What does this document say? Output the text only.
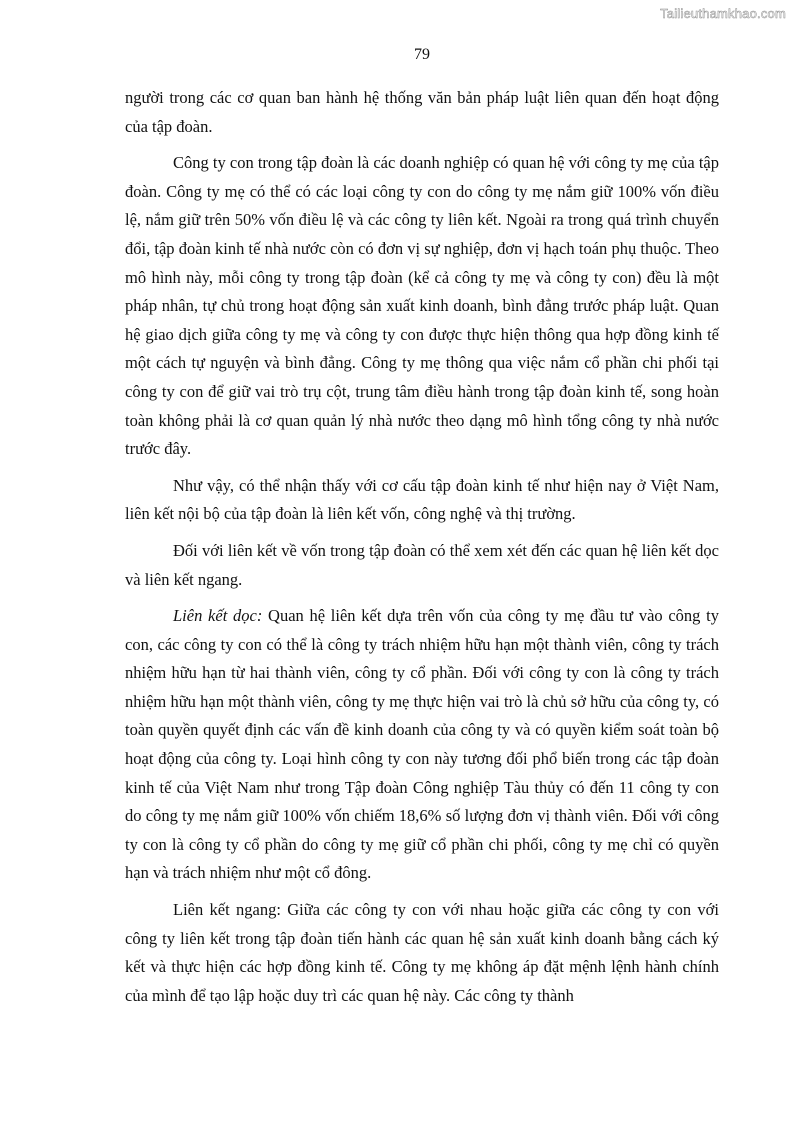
Tailieuthamkhao.com
79

người trong các cơ quan ban hành hệ thống văn bản pháp luật liên quan đến hoạt động của tập đoàn.

Công ty con trong tập đoàn là các doanh nghiệp có quan hệ với công ty mẹ của tập đoàn. Công ty mẹ có thể có các loại công ty con do công ty mẹ nắm giữ 100% vốn điều lệ, nắm giữ trên 50% vốn điều lệ và các công ty liên kết. Ngoài ra trong quá trình chuyển đổi, tập đoàn kinh tế nhà nước còn có đơn vị sự nghiệp, đơn vị hạch toán phụ thuộc. Theo mô hình này, mỗi công ty trong tập đoàn (kể cả công ty mẹ và công ty con) đều là một pháp nhân, tự chủ trong hoạt động sản xuất kinh doanh, bình đẳng trước pháp luật. Quan hệ giao dịch giữa công ty mẹ và công ty con được thực hiện thông qua hợp đồng kinh tế một cách tự nguyện và bình đẳng. Công ty mẹ thông qua việc nắm cổ phần chi phối tại công ty con để giữ vai trò trụ cột, trung tâm điều hành trong tập đoàn kinh tế, song hoàn toàn không phải là cơ quan quản lý nhà nước theo dạng mô hình tổng công ty nhà nước trước đây.

Như vậy, có thể nhận thấy với cơ cấu tập đoàn kinh tế như hiện nay ở Việt Nam, liên kết nội bộ của tập đoàn là liên kết vốn, công nghệ và thị trường.

Đối với liên kết về vốn trong tập đoàn có thể xem xét đến các quan hệ liên kết dọc và liên kết ngang.

Liên kết dọc: Quan hệ liên kết dựa trên vốn của công ty mẹ đầu tư vào công ty con, các công ty con có thể là công ty trách nhiệm hữu hạn một thành viên, công ty trách nhiệm hữu hạn từ hai thành viên, công ty cổ phần. Đối với công ty con là công ty trách nhiệm hữu hạn một thành viên, công ty mẹ thực hiện vai trò là chủ sở hữu của công ty, có toàn quyền quyết định các vấn đề kinh doanh của công ty và có quyền kiểm soát toàn bộ hoạt động của công ty. Loại hình công ty con này tương đối phổ biến trong các tập đoàn kinh tế của Việt Nam như trong Tập đoàn Công nghiệp Tàu thủy có đến 11 công ty con do công ty mẹ nắm giữ 100% vốn chiếm 18,6% số lượng đơn vị thành viên. Đối với công ty con là công ty cổ phần do công ty mẹ giữ cổ phần chi phối, công ty mẹ chỉ có quyền hạn và trách nhiệm như một cổ đông.

Liên kết ngang: Giữa các công ty con với nhau hoặc giữa các công ty con với công ty liên kết trong tập đoàn tiến hành các quan hệ sản xuất kinh doanh bằng cách ký kết và thực hiện các hợp đồng kinh tế. Công ty mẹ không áp đặt mệnh lệnh hành chính của mình để tạo lập hoặc duy trì các quan hệ này. Các công ty thành
